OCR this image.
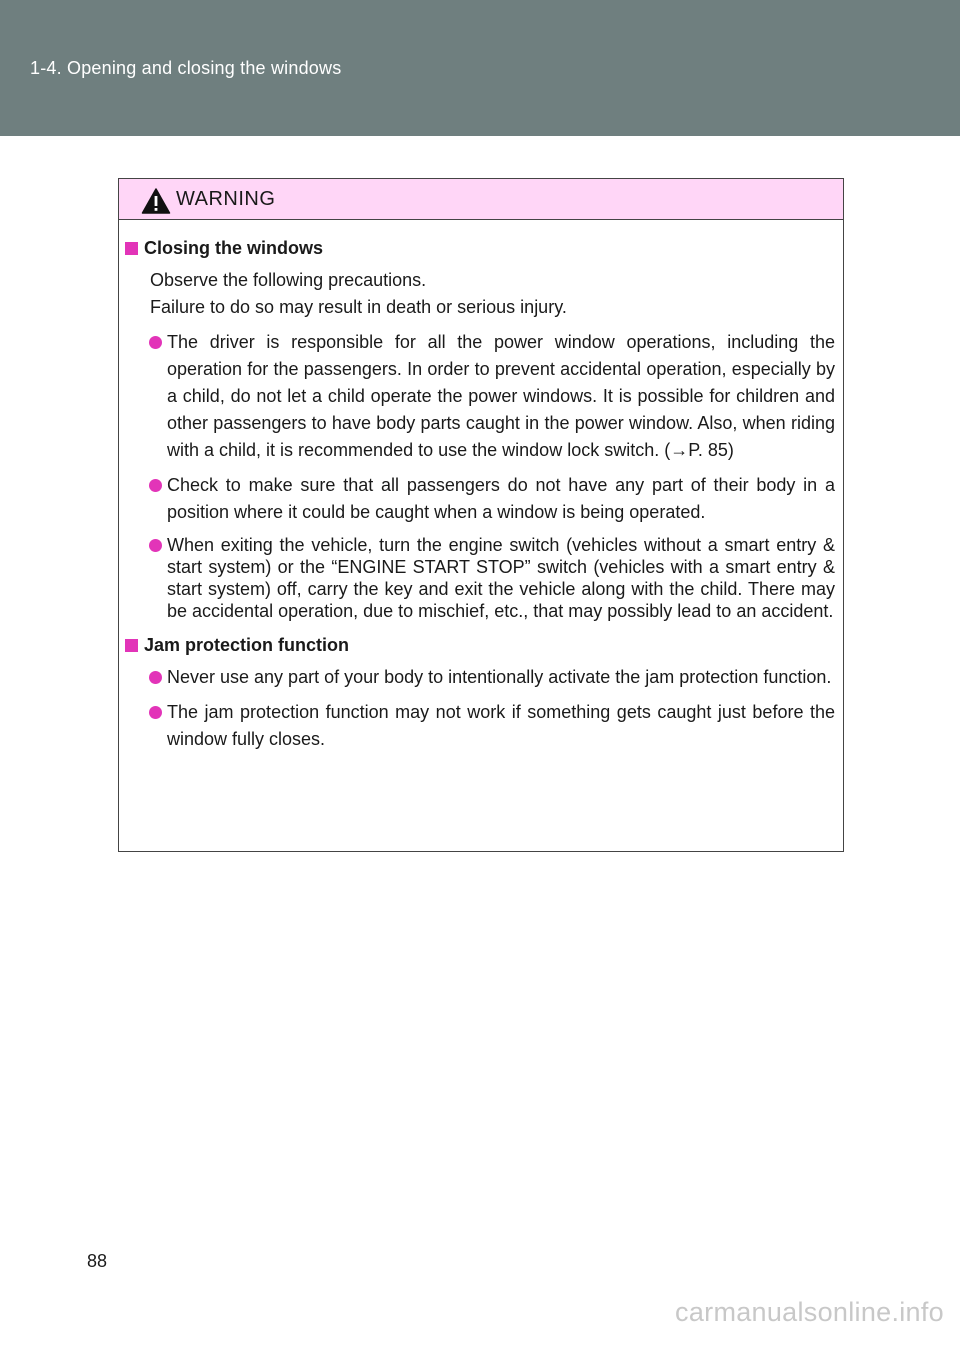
1-4. Opening and closing the windows
WARNING
Closing the windows

Observe the following precautions.

Failure to do so may result in death or serious injury.

The driver is responsible for all the power window operations, including the operation for the passengers. In order to prevent accidental operation, especially by a child, do not let a child operate the power windows. It is possible for children and other passengers to have body parts caught in the power window. Also, when riding with a child, it is recommended to use the window lock switch. (→P. 85)
Check to make sure that all passengers do not have any part of their body in a position where it could be caught when a window is being operated.
When exiting the vehicle, turn the engine switch (vehicles without a smart entry & start system) or the “ENGINE START STOP” switch (vehicles with a smart entry & start system) off, carry the key and exit the vehicle along with the child. There may be accidental operation, due to mischief, etc., that may possibly lead to an accident.
Jam protection function
Never use any part of your body to intentionally activate the jam protection function.
The jam protection function may not work if something gets caught just before the window fully closes.
88
carmanualsonline.info
